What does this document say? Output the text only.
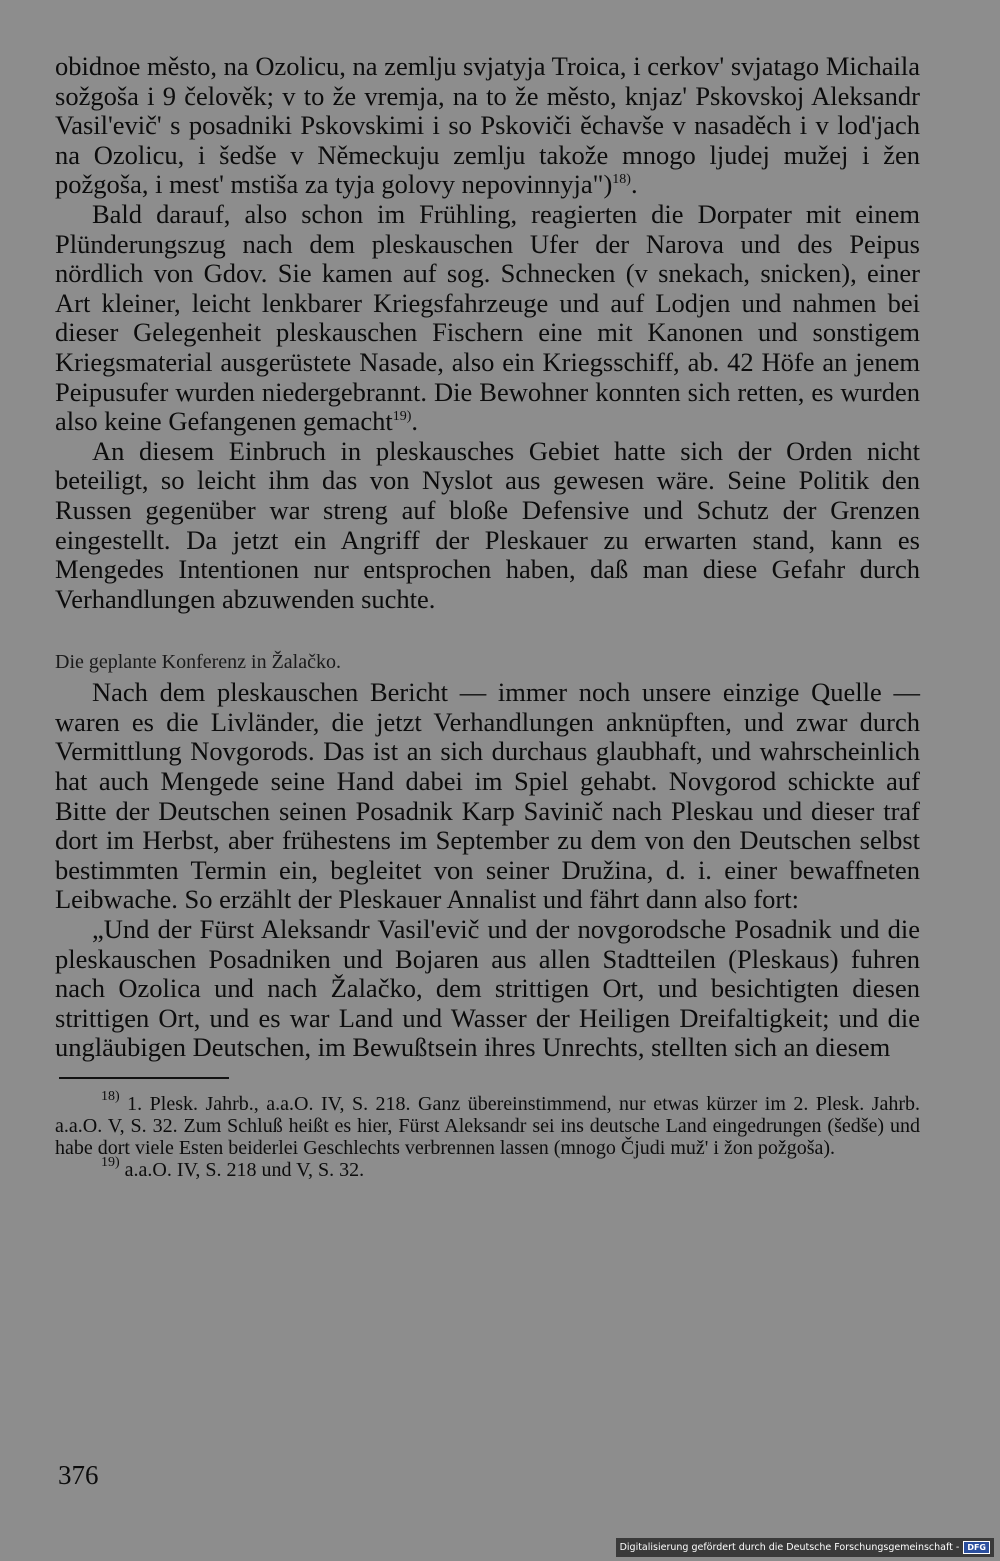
obidnoe město, na Ozolicu, na zemlju svjatyja Troica, i cerkov' svjatago Michaila sožgoša i 9 čelověk; v to že vremja, na to že město, knjaz' Pskovskoj Aleksandr Vasil'evič' s posadniki Pskovskimi i so Pskoviči ěchavše v nasaděch i v lod'jach na Ozolicu, i šedše v Německuju zemlju takože mnogo ljudej mužej i žen požgoša, i mest' mstiša za tyja golovy nepovinnyja")$^{18)}$.

Bald darauf, also schon im Frühling, reagierten die Dorpater mit einem Plünderungszug nach dem pleskauschen Ufer der Narova und des Peipus nördlich von Gdov. Sie kamen auf sog. Schnecken (v snekach, snicken), einer Art kleiner, leicht lenkbarer Kriegsfahrzeuge und auf Lodjen und nahmen bei dieser Gelegenheit pleskauschen Fischern eine mit Kanonen und sonstigem Kriegsmaterial ausgerüstete Nasade, also ein Kriegsschiff, ab. 42 Höfe an jenem Peipusufer wurden niedergebrannt. Die Bewohner konnten sich retten, es wurden also keine Gefangenen gemacht$^{19)}$.

An diesem Einbruch in pleskausches Gebiet hatte sich der Orden nicht beteiligt, so leicht ihm das von Nyslot aus gewesen wäre. Seine Politik den Russen gegenüber war streng auf bloße Defensive und Schutz der Grenzen eingestellt. Da jetzt ein Angriff der Pleskauer zu erwarten stand, kann es Mengedes Intentionen nur entsprochen haben, daß man diese Gefahr durch Verhandlungen abzuwenden suchte.

Die geplante Konferenz in Žalačko.

Nach dem pleskauschen Bericht — immer noch unsere einzige Quelle — waren es die Livländer, die jetzt Verhandlungen anknüpften, und zwar durch Vermittlung Novgorods. Das ist an sich durchaus glaubhaft, und wahrscheinlich hat auch Mengede seine Hand dabei im Spiel gehabt. Novgorod schickte auf Bitte der Deutschen seinen Posadnik Karp Savinič nach Pleskau und dieser traf dort im Herbst, aber frühestens im September zu dem von den Deutschen selbst bestimmten Termin ein, begleitet von seiner Družina, d. i. einer bewaffneten Leibwache. So erzählt der Pleskauer Annalist und fährt dann also fort:

„Und der Fürst Aleksandr Vasil'evič und der novgorodsche Posadnik und die pleskauschen Posadniken und Bojaren aus allen Stadtteilen (Pleskaus) fuhren nach Ozolica und nach Žalačko, dem strittigen Ort, und besichtigten diesen strittigen Ort, und es war Land und Wasser der Heiligen Dreifaltigkeit; und die ungläubigen Deutschen, im Bewußtsein ihres Unrechts, stellten sich an diesem

$^{18)}$ 1. Plesk. Jahrb., a.a.O. IV, S. 218. Ganz übereinstimmend, nur etwas kürzer im 2. Plesk. Jahrb. a.a.O. V, S. 32. Zum Schluß heißt es hier, Fürst Aleksandr sei ins deutsche Land eingedrungen (šedše) und habe dort viele Esten beiderlei Geschlechts verbrennen lassen (mnogo Čjudi muž' i žon požgoša).

$^{19)}$ a.a.O. IV, S. 218 und V, S. 32.

376
Digitalisierung gefördert durch die Deutsche Forschungsgemeinschaft -	DFG
